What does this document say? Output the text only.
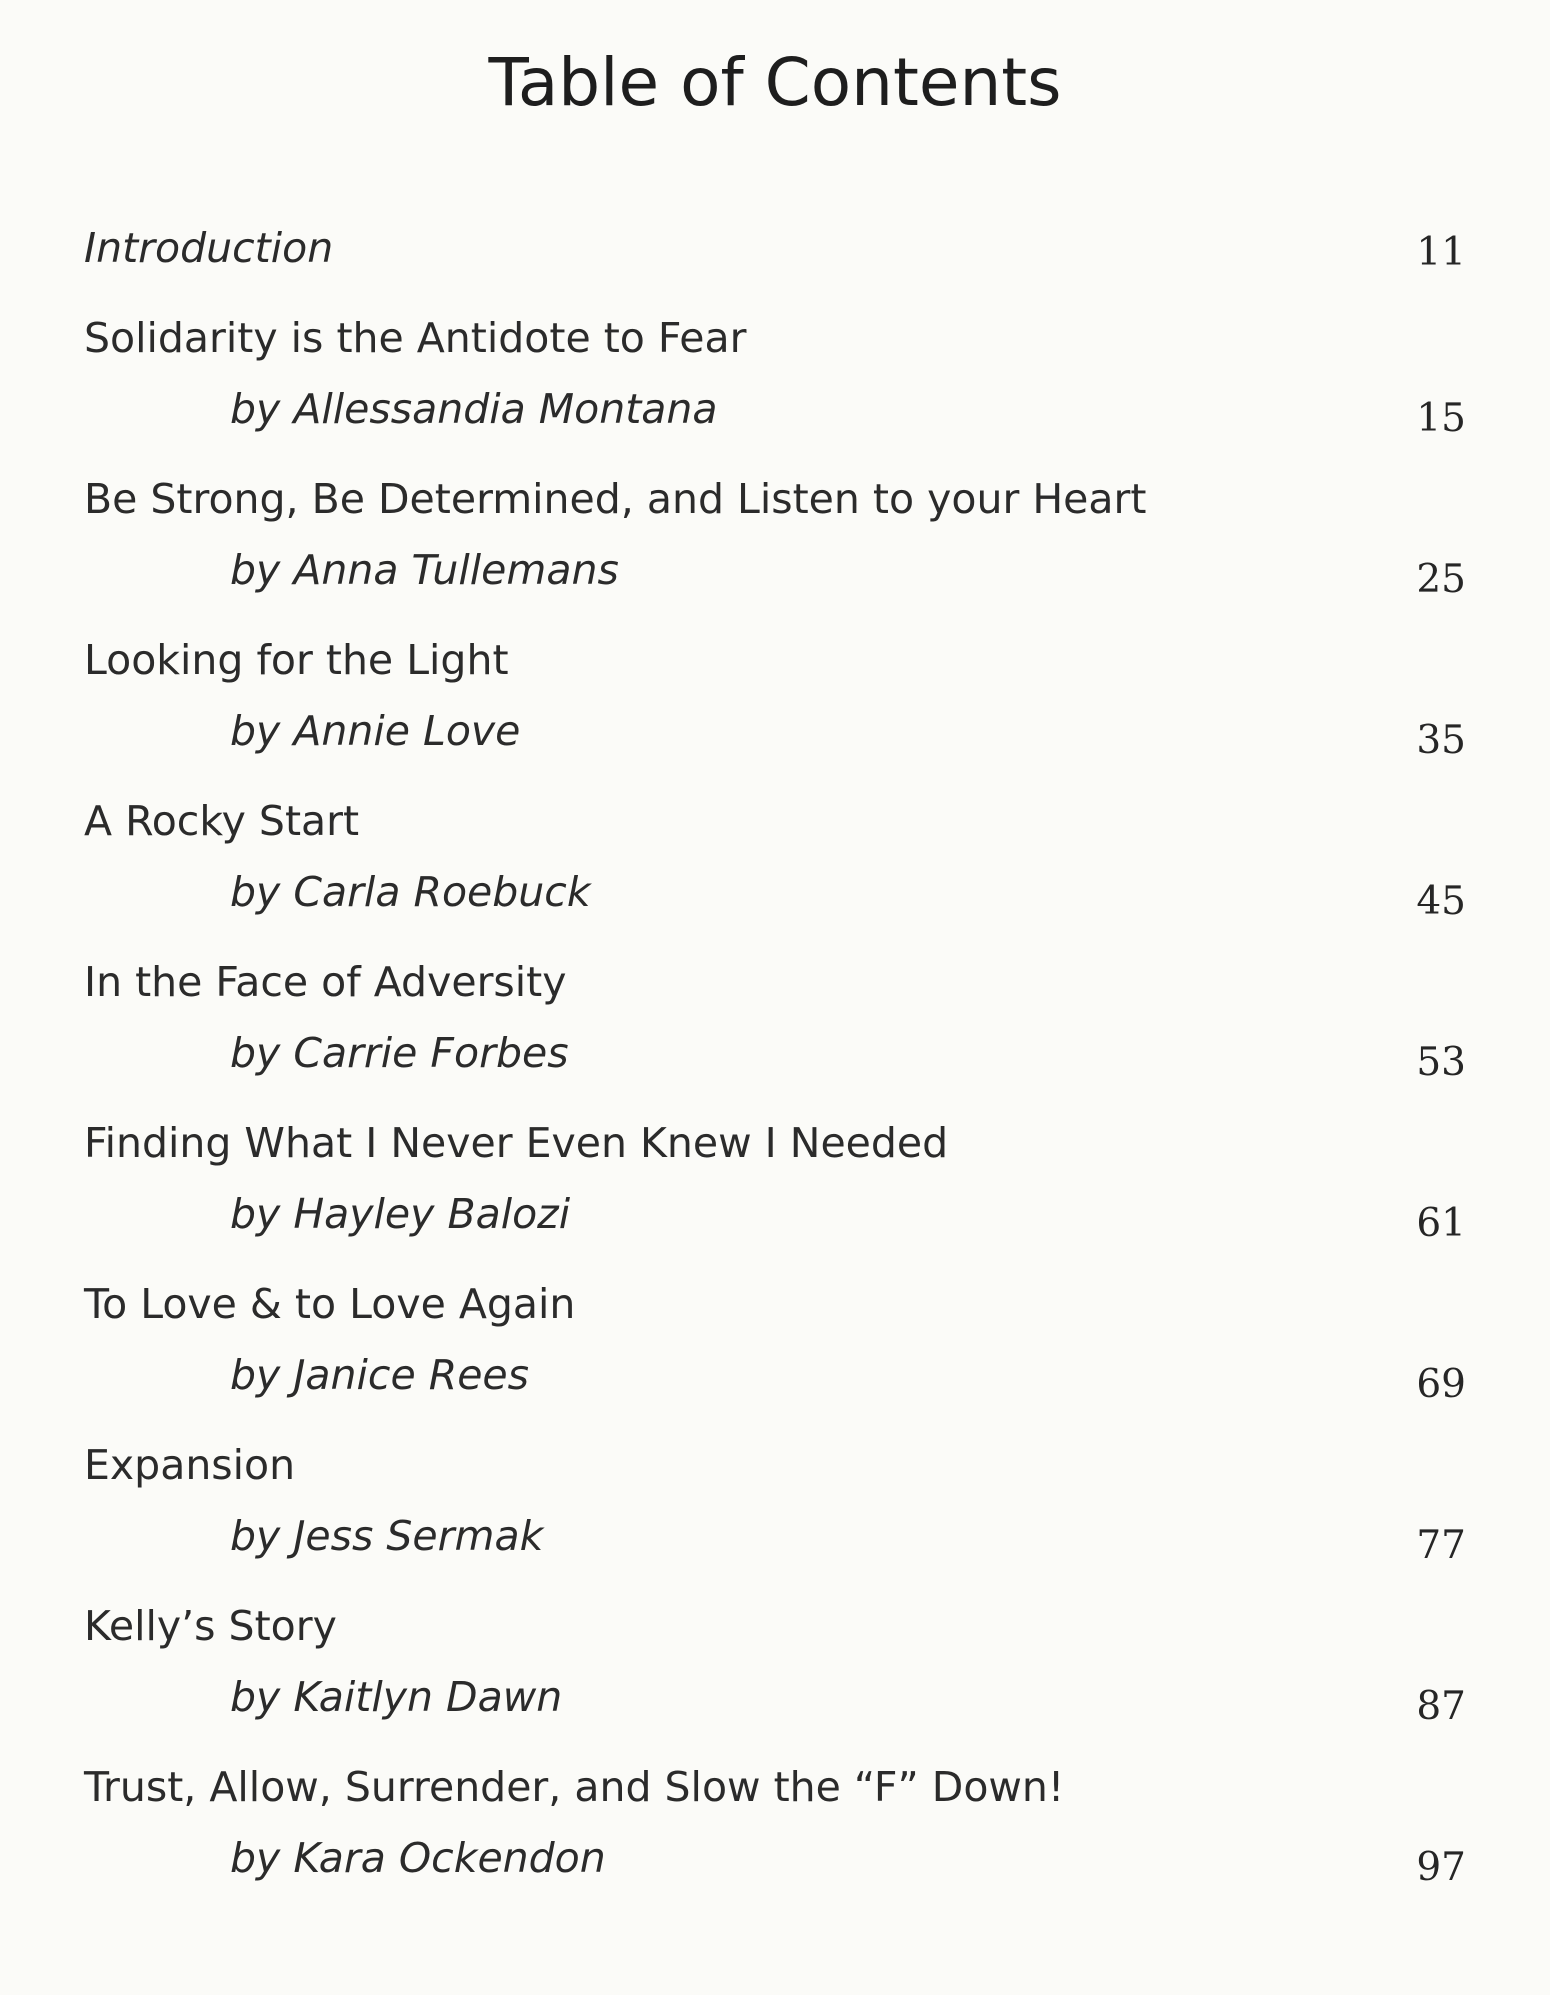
Table of Contents
Introduction	11
Solidarity is the Antidote to Fear
by Allessandia Montana	15
Be Strong, Be Determined, and Listen to your Heart
by Anna Tullemans	25
Looking for the Light
by Annie Love	35
A Rocky Start
by Carla Roebuck	45
In the Face of Adversity
by Carrie Forbes	53
Finding What I Never Even Knew I Needed
by Hayley Balozi	61
To Love & to Love Again
by Janice Rees	69
Expansion
by Jess Sermak	77
Kelly’s Story
by Kaitlyn Dawn	87
Trust, Allow, Surrender, and Slow the “F” Down!
by Kara Ockendon	97
